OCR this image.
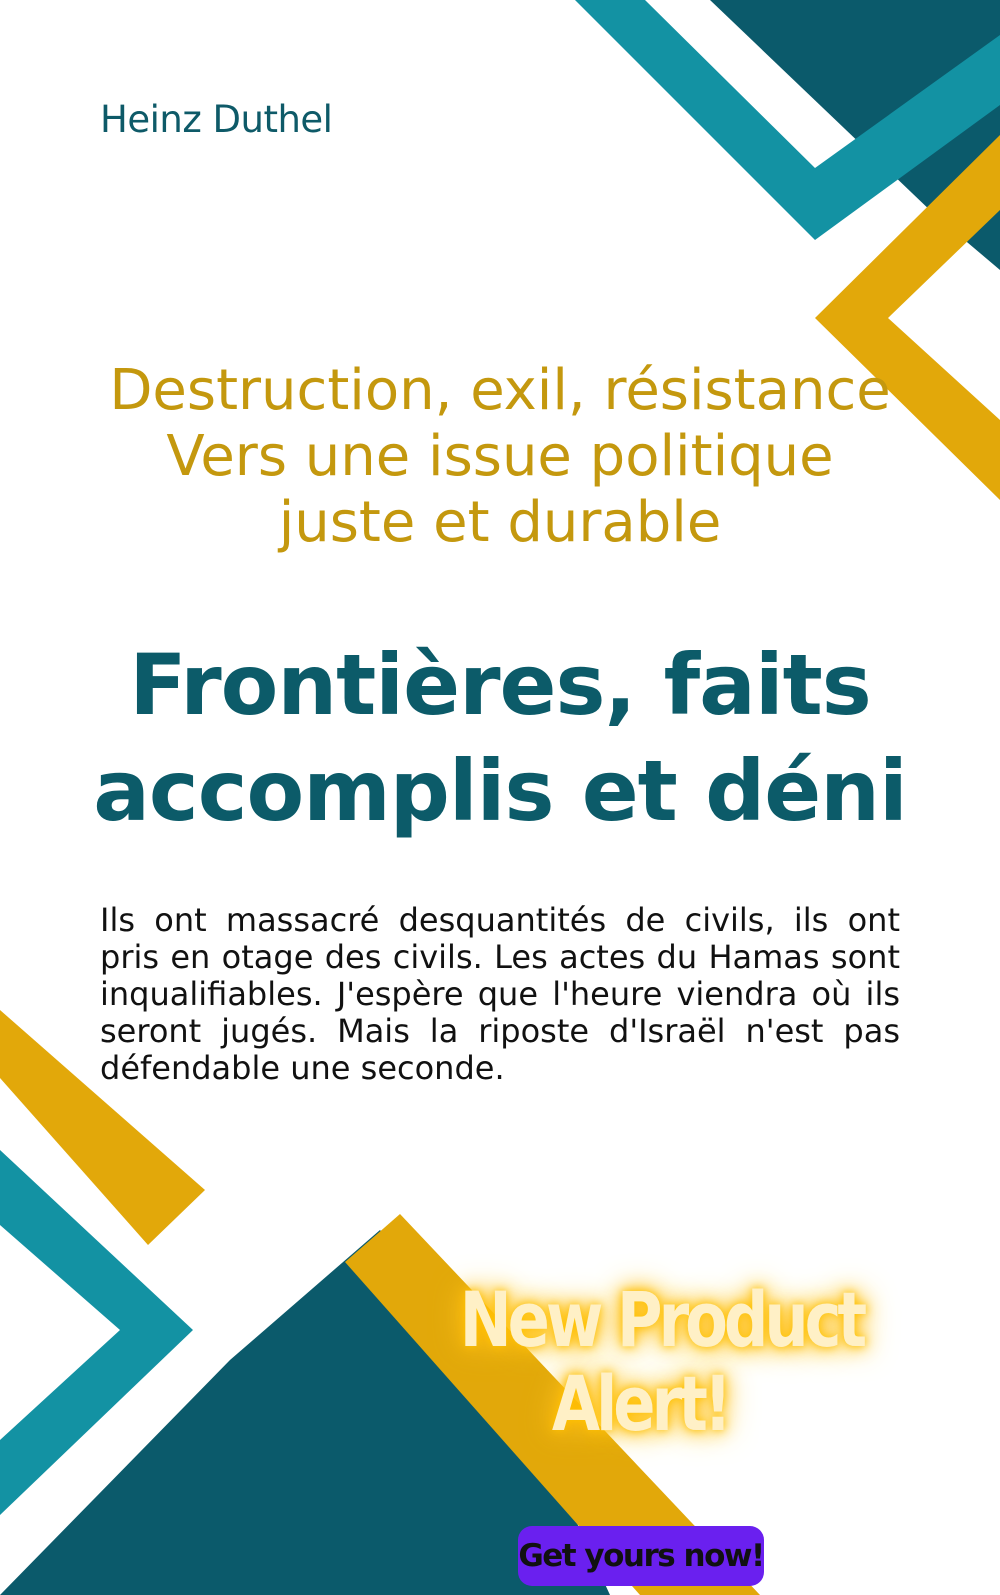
Heinz Duthel
Destruction, exil, résistance
Vers une issue politique
juste et durable
Frontières, faits
accomplis et déni
Ils ont massacré desquantités de civils, ils ont pris en otage des civils. Les actes du Hamas sont inqualifiables. J'espère que l'heure viendra où ils seront jugés. Mais la riposte d'Israël n'est pas défendable une seconde.
New Product
Alert!
Get yours now!
